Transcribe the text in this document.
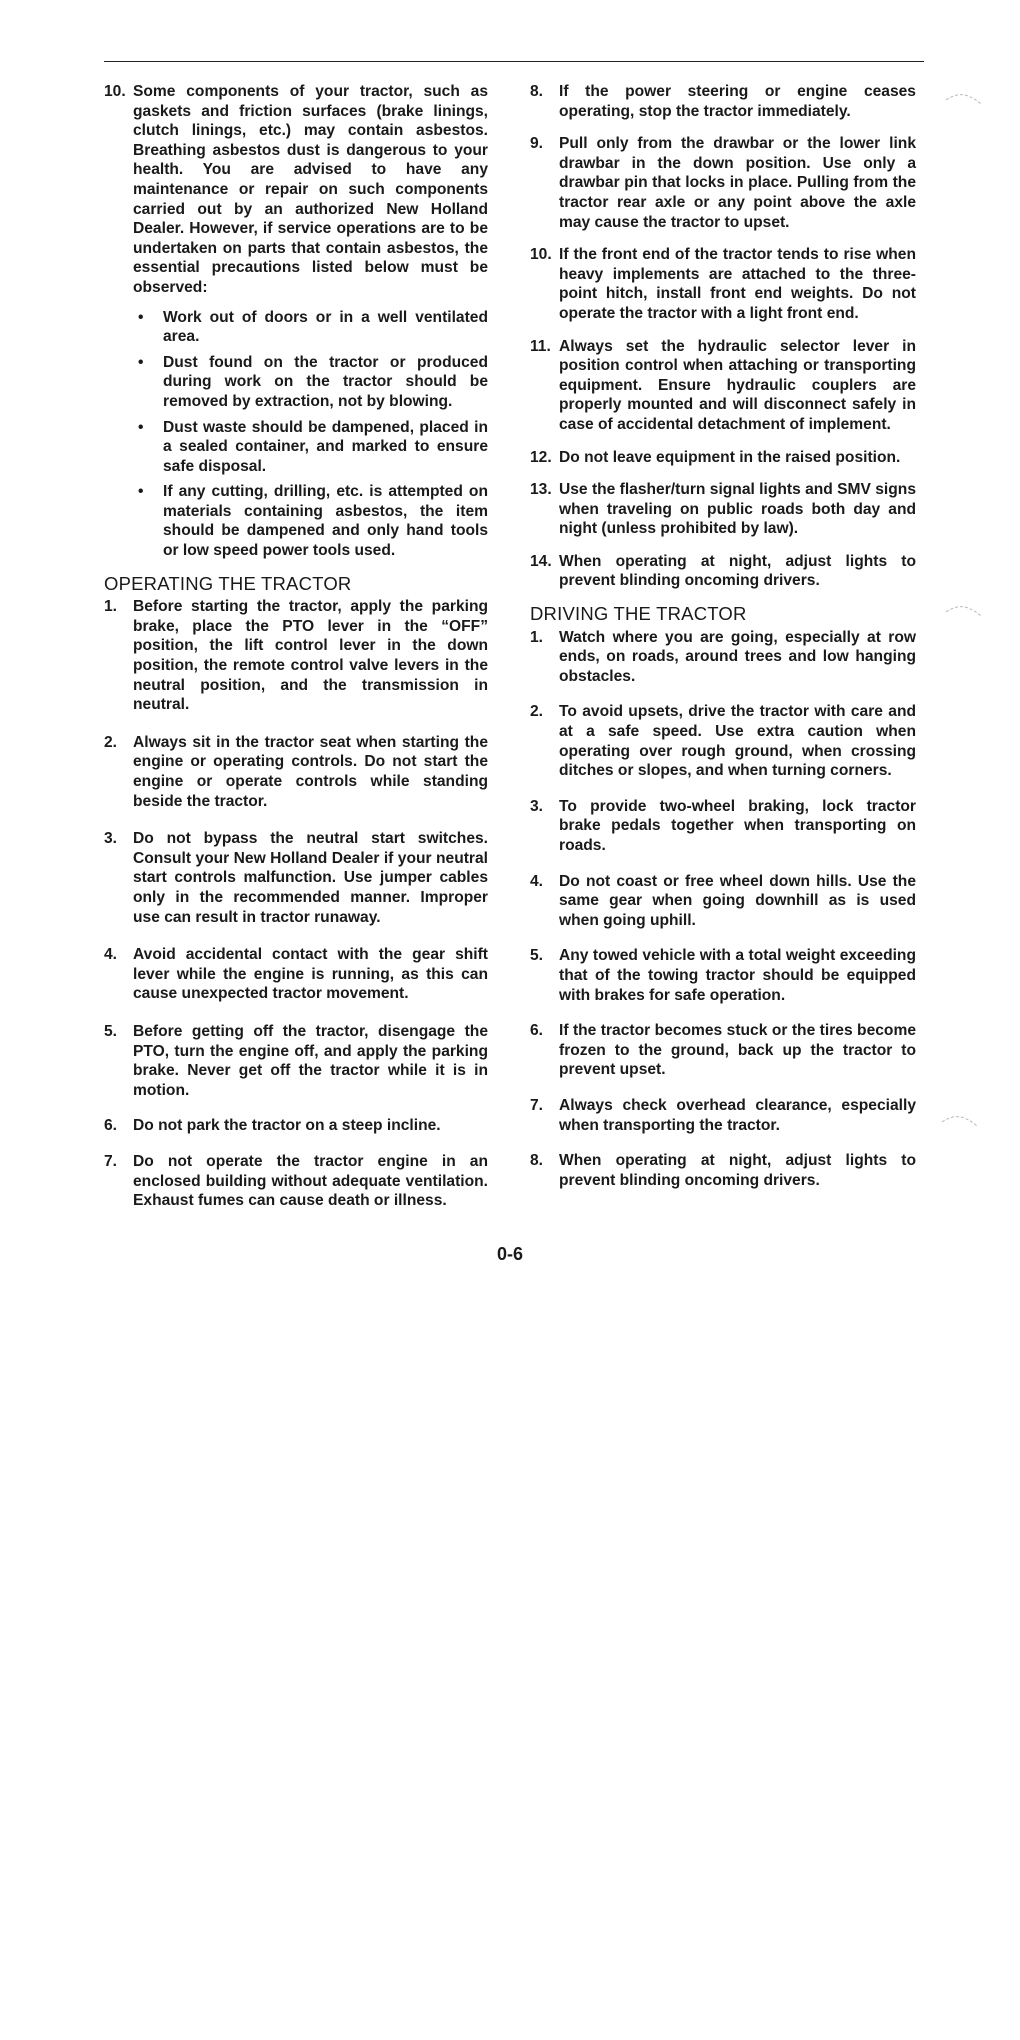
10. Some components of your tractor, such as gaskets and friction surfaces (brake linings, clutch linings, etc.) may contain asbestos. Breathing asbestos dust is dangerous to your health. You are advised to have any maintenance or repair on such components carried out by an authorized New Holland Dealer. However, if service operations are to be undertaken on parts that contain asbestos, the essential precautions listed below must be observed:
• Work out of doors or in a well ventilated area.
• Dust found on the tractor or produced during work on the tractor should be removed by extraction, not by blowing.
• Dust waste should be dampened, placed in a sealed container, and marked to ensure safe disposal.
• If any cutting, drilling, etc. is attempted on materials containing asbestos, the item should be dampened and only hand tools or low speed power tools used.
OPERATING THE TRACTOR
1.	Before starting the tractor, apply the parking brake, place the PTO lever in the “OFF” position, the lift control lever in the down position, the remote control valve levers in the neutral position, and the transmission in neutral.
2.	Always sit in the tractor seat when starting the engine or operating controls. Do not start the engine or operate controls while standing beside the tractor.
3.	Do not bypass the neutral start switches. Consult your New Holland Dealer if your neutral start controls malfunction. Use jumper cables only in the recommended manner. Improper use can result in tractor runaway.
4.	Avoid accidental contact with the gear shift lever while the engine is running, as this can cause unexpected tractor movement.
5.	Before getting off the tractor, disengage the PTO, turn the engine off, and apply the parking brake. Never get off the tractor while it is in motion.
6.	Do not park the tractor on a steep incline.
7.	Do not operate the tractor engine in an enclosed building without adequate ventilation. Exhaust fumes can cause death or illness.
8.	If the power steering or engine ceases operating, stop the tractor immediately.
9.	Pull only from the drawbar or the lower link drawbar in the down position. Use only a drawbar pin that locks in place. Pulling from the tractor rear axle or any point above the axle may cause the tractor to upset.
10. If the front end of the tractor tends to rise when heavy implements are attached to the three-point hitch, install front end weights. Do not operate the tractor with a light front end.
11. Always set the hydraulic selector lever in position control when attaching or transporting equipment. Ensure hydraulic couplers are properly mounted and will disconnect safely in case of accidental detachment of implement.
12. Do not leave equipment in the raised position.
13. Use the flasher/turn signal lights and SMV signs when traveling on public roads both day and night (unless prohibited by law).
14. When operating at night, adjust lights to prevent blinding oncoming drivers.
DRIVING THE TRACTOR
1.	Watch where you are going, especially at row ends, on roads, around trees and low hanging obstacles.
2.	To avoid upsets, drive the tractor with care and at a safe speed. Use extra caution when operating over rough ground, when crossing ditches or slopes, and when turning corners.
3.	To provide two-wheel braking, lock tractor brake pedals together when transporting on roads.
4.	Do not coast or free wheel down hills. Use the same gear when going downhill as is used when going uphill.
5.	Any towed vehicle with a total weight exceeding that of the towing tractor should be equipped with brakes for safe operation.
6.	If the tractor becomes stuck or the tires become frozen to the ground, back up the tractor to prevent upset.
7.	Always check overhead clearance, especially when transporting the tractor.
8.	When operating at night, adjust lights to prevent blinding oncoming drivers.
0-6
